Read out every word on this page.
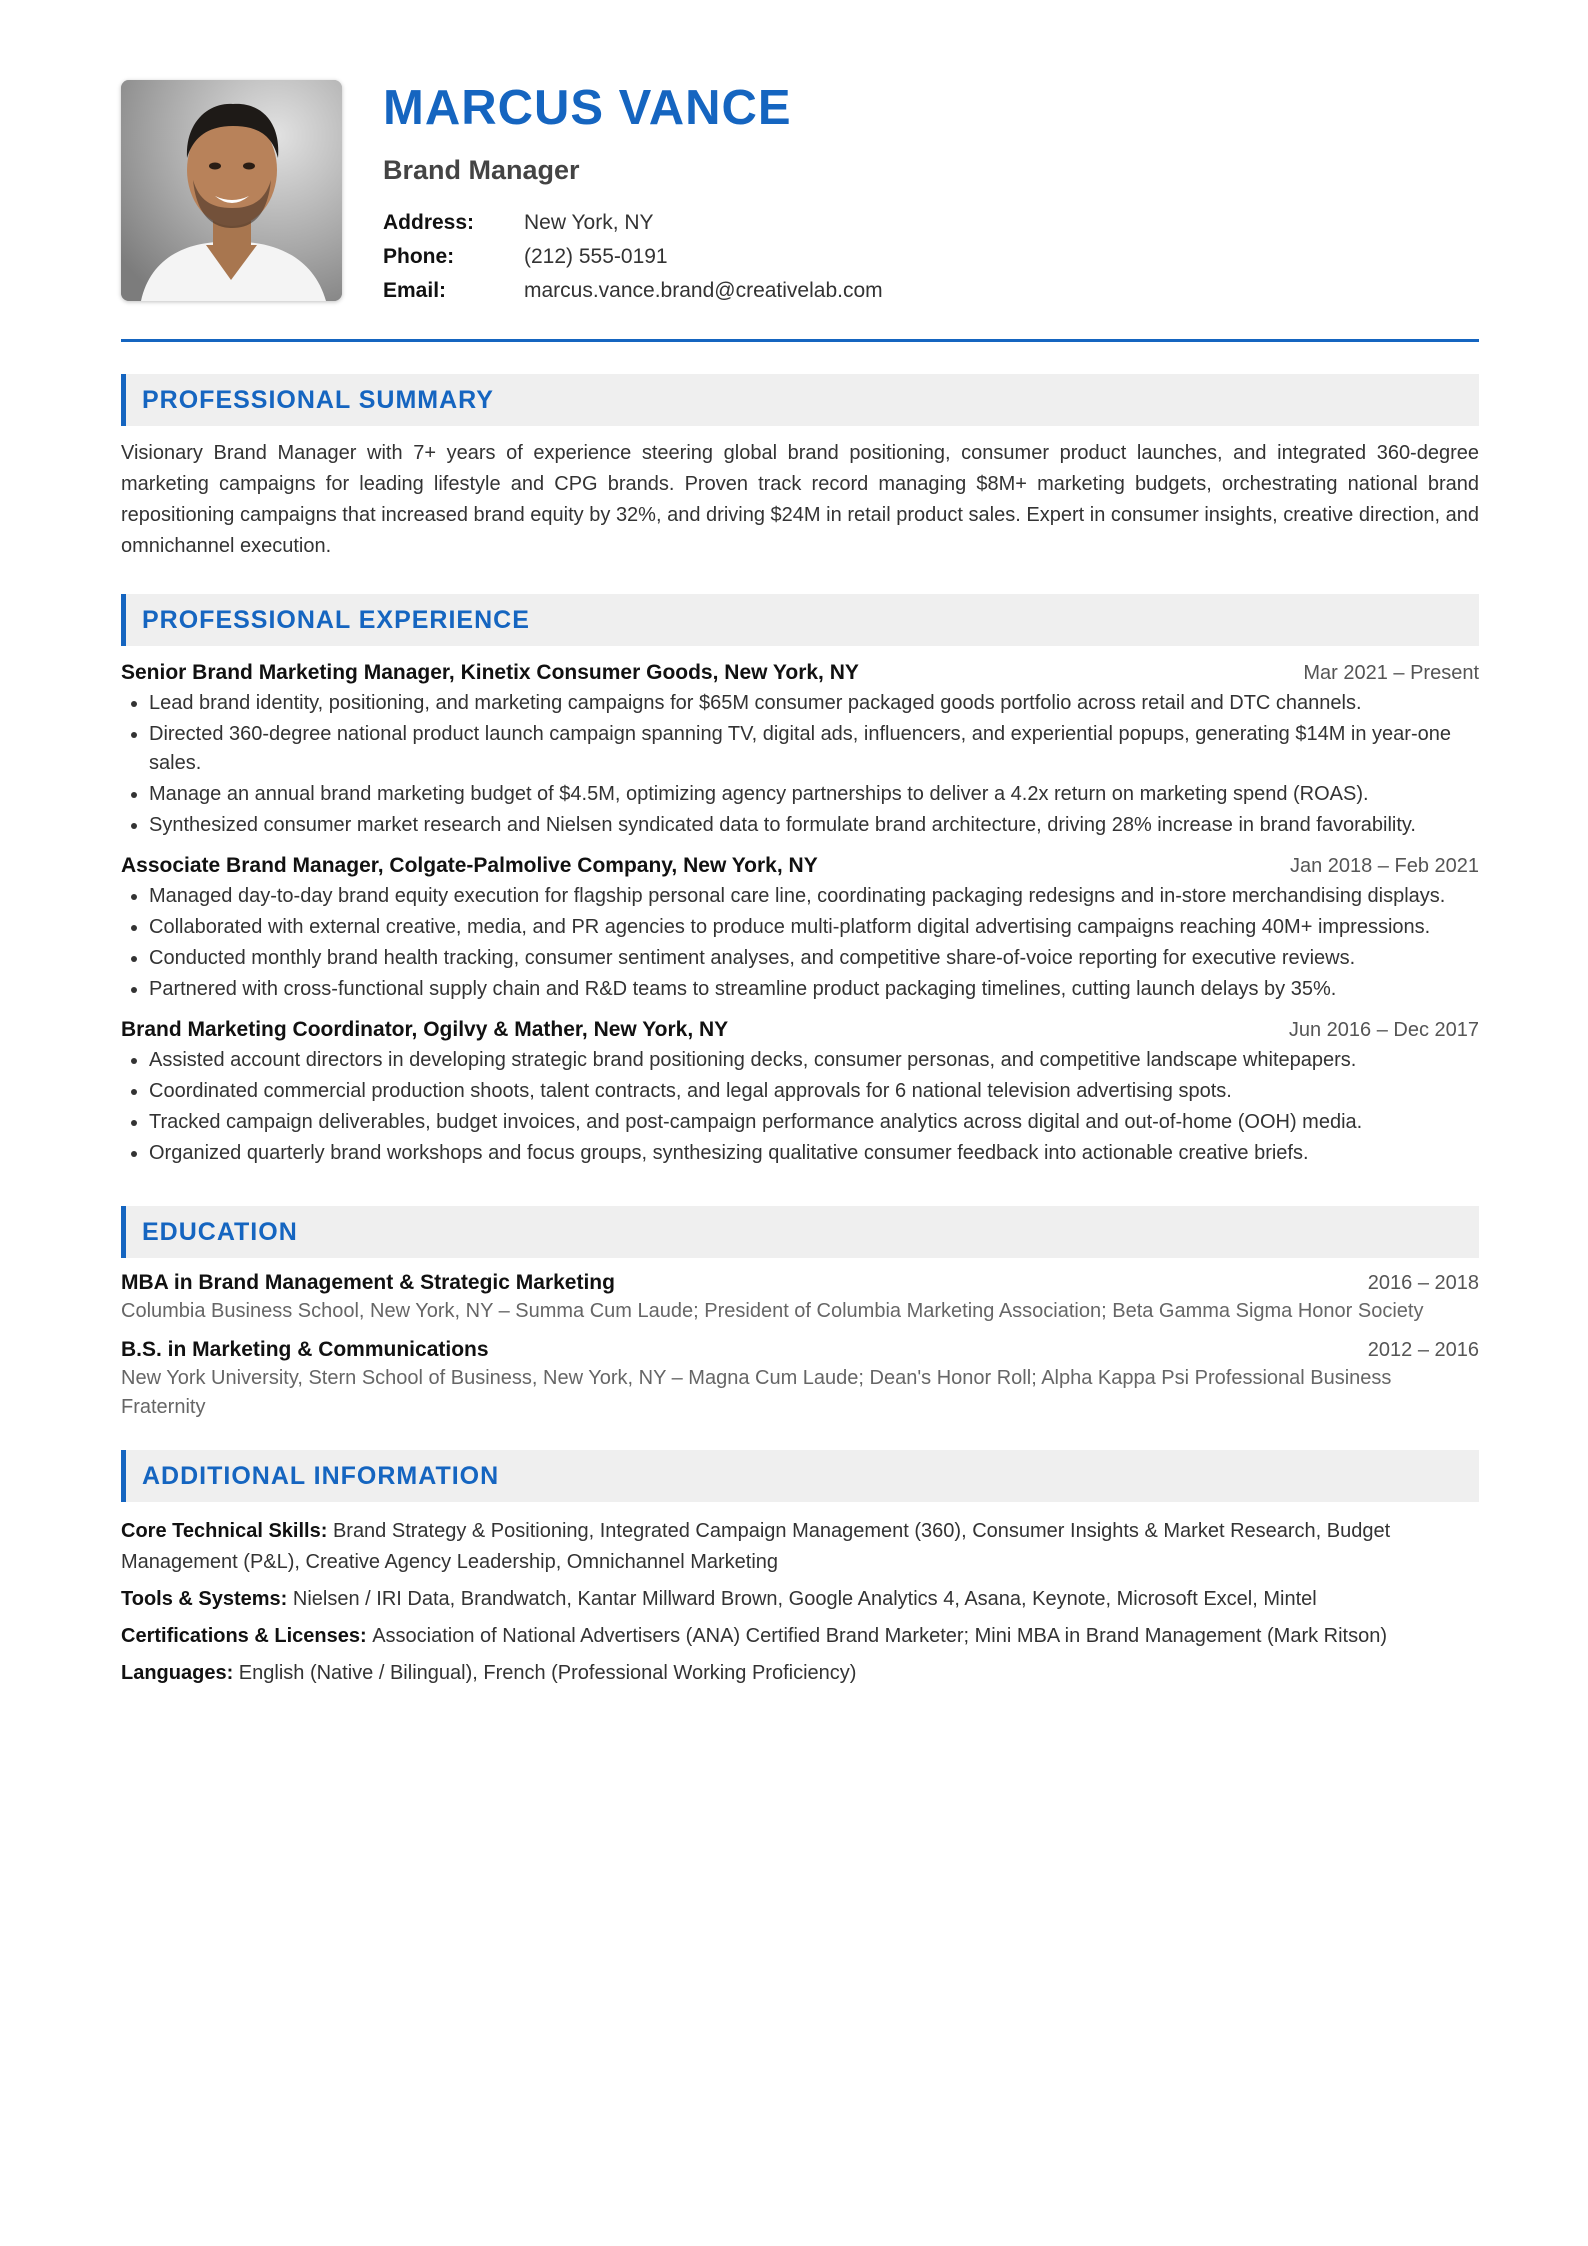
MARCUS VANCE
Brand Manager
Address:	New York, NY
Phone:	(212) 555-0191
Email:	marcus.vance.brand@creativelab.com
PROFESSIONAL SUMMARY

Visionary Brand Manager with 7+ years of experience steering global brand positioning, consumer product launches, and integrated 360-degree marketing campaigns for leading lifestyle and CPG brands. Proven track record managing $8M+ marketing budgets, orchestrating national brand repositioning campaigns that increased brand equity by 32%, and driving $24M in retail product sales. Expert in consumer insights, creative direction, and omnichannel execution.

PROFESSIONAL EXPERIENCE
Senior Brand Marketing Manager, Kinetix Consumer Goods, New York, NY	Mar 2021 – Present
Lead brand identity, positioning, and marketing campaigns for $65M consumer packaged goods portfolio across retail and DTC channels.
Directed 360-degree national product launch campaign spanning TV, digital ads, influencers, and experiential popups, generating $14M in year-one sales.
Manage an annual brand marketing budget of $4.5M, optimizing agency partnerships to deliver a 4.2x return on marketing spend (ROAS).
Synthesized consumer market research and Nielsen syndicated data to formulate brand architecture, driving 28% increase in brand favorability.
Associate Brand Manager, Colgate-Palmolive Company, New York, NY	Jan 2018 – Feb 2021
Managed day-to-day brand equity execution for flagship personal care line, coordinating packaging redesigns and in-store merchandising displays.
Collaborated with external creative, media, and PR agencies to produce multi-platform digital advertising campaigns reaching 40M+ impressions.
Conducted monthly brand health tracking, consumer sentiment analyses, and competitive share-of-voice reporting for executive reviews.
Partnered with cross-functional supply chain and R&D teams to streamline product packaging timelines, cutting launch delays by 35%.
Brand Marketing Coordinator, Ogilvy & Mather, New York, NY	Jun 2016 – Dec 2017
Assisted account directors in developing strategic brand positioning decks, consumer personas, and competitive landscape whitepapers.
Coordinated commercial production shoots, talent contracts, and legal approvals for 6 national television advertising spots.
Tracked campaign deliverables, budget invoices, and post-campaign performance analytics across digital and out-of-home (OOH) media.
Organized quarterly brand workshops and focus groups, synthesizing qualitative consumer feedback into actionable creative briefs.
EDUCATION
MBA in Brand Management & Strategic Marketing	2016 – 2018
Columbia Business School, New York, NY – Summa Cum Laude; President of Columbia Marketing Association; Beta Gamma Sigma Honor Society
B.S. in Marketing & Communications	2012 – 2016
New York University, Stern School of Business, New York, NY – Magna Cum Laude; Dean's Honor Roll; Alpha Kappa Psi Professional Business Fraternity
ADDITIONAL INFORMATION
Core Technical Skills: Brand Strategy & Positioning, Integrated Campaign Management (360), Consumer Insights & Market Research, Budget Management (P&L), Creative Agency Leadership, Omnichannel Marketing
Tools & Systems: Nielsen / IRI Data, Brandwatch, Kantar Millward Brown, Google Analytics 4, Asana, Keynote, Microsoft Excel, Mintel
Certifications & Licenses: Association of National Advertisers (ANA) Certified Brand Marketer; Mini MBA in Brand Management (Mark Ritson)
Languages: English (Native / Bilingual), French (Professional Working Proficiency)
